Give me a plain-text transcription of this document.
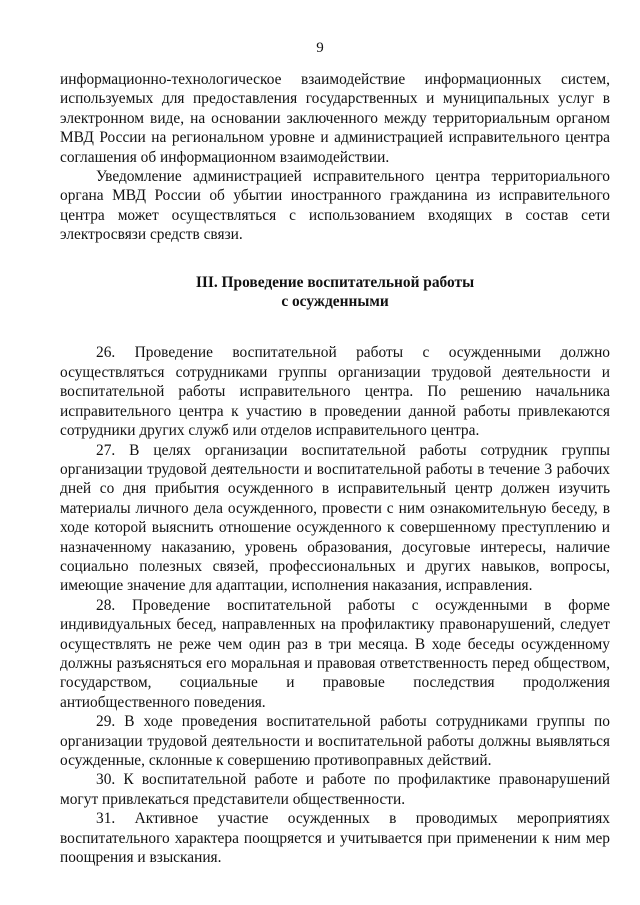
9

информационно-технологическое взаимодействие информационных систем, используемых для предоставления государственных и муниципальных услуг в электронном виде, на основании заключенного между территориальным органом МВД России на региональном уровне и администрацией исправительного центра соглашения об информационном взаимодействии.

Уведомление администрацией исправительного центра территориального органа МВД России об убытии иностранного гражданина из исправительного центра может осуществляться с использованием входящих в состав сети электросвязи средств связи.

III. Проведение воспитательной работы
с осужденными

26. Проведение воспитательной работы с осужденными должно осуществляться сотрудниками группы организации трудовой деятельности и воспитательной работы исправительного центра. По решению начальника исправительного центра к участию в проведении данной работы привлекаются сотрудники других служб или отделов исправительного центра.

27. В целях организации воспитательной работы сотрудник группы организации трудовой деятельности и воспитательной работы в течение 3 рабочих дней со дня прибытия осужденного в исправительный центр должен изучить материалы личного дела осужденного, провести с ним ознакомительную беседу, в ходе которой выяснить отношение осужденного к совершенному преступлению и назначенному наказанию, уровень образования, досуговые интересы, наличие социально полезных связей, профессиональных и других навыков, вопросы, имеющие значение для адаптации, исполнения наказания, исправления.

28. Проведение воспитательной работы с осужденными в форме индивидуальных бесед, направленных на профилактику правонарушений, следует осуществлять не реже чем один раз в три месяца. В ходе беседы осужденному должны разъясняться его моральная и правовая ответственность перед обществом, государством, социальные и правовые последствия продолжения антиобщественного поведения.

29. В ходе проведения воспитательной работы сотрудниками группы по организации трудовой деятельности и воспитательной работы должны выявляться осужденные, склонные к совершению противоправных действий.

30. К воспитательной работе и работе по профилактике правонарушений могут привлекаться представители общественности.

31. Активное участие осужденных в проводимых мероприятиях воспитательного характера поощряется и учитывается при применении к ним мер поощрения и взыскания.
